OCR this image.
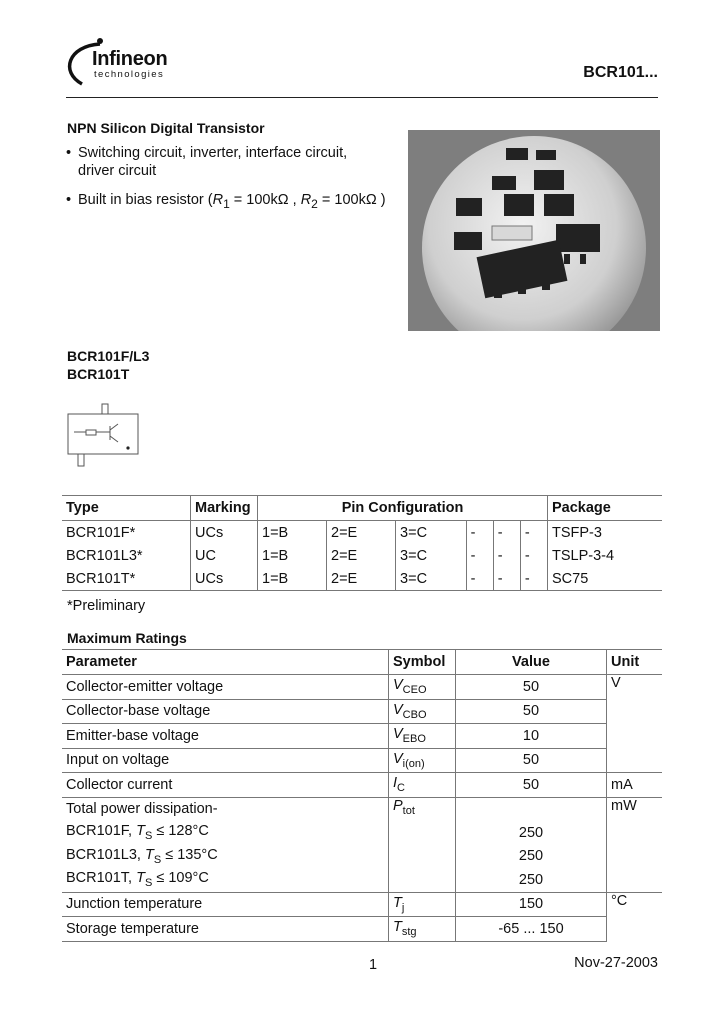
Infineon
technologies	BCR101...
NPN Silicon Digital Transistor
• Switching circuit, inverter, interface circuit,
driver circuit
• Built in bias resistor ($R_1 = 100k\Omega$ , $R_2 = 100k\Omega$ )
BCR101F/L3
BCR101T
Type	Marking	Pin Configuration						Package
BCR101F*	UCs	1=B	2=E	3=C	-	-	-	TSFP-3
BCR101L3*	UC	1=B	2=E	3=C	-	-	-	TSLP-3-4
BCR101T*	UCs	1=B	2=E	3=C	-	-	-	SC75
*Preliminary
Maximum Ratings
Parameter	Symbol	Value	Unit
Collector-emitter voltage	$V_{CEO}$	50	V
Collector-base voltage	$V_{CBO}$	50	
Emitter-base voltage	$V_{EBO}$	10	
Input on voltage	$V_{i(on)}$	50	
Collector current	$I_C$	50	mA
Total power dissipation-	$P_{tot}$		mW
BCR101F, $T_S \le 128^\circ C$		250	
BCR101L3, $T_S \le 135^\circ C$		250	
BCR101T, $T_S \le 109^\circ C$		250	
Junction temperature	$T_j$	150	°C
Storage temperature	$T_{stg}$	-65 ... 150	
1	Nov-27-2003
